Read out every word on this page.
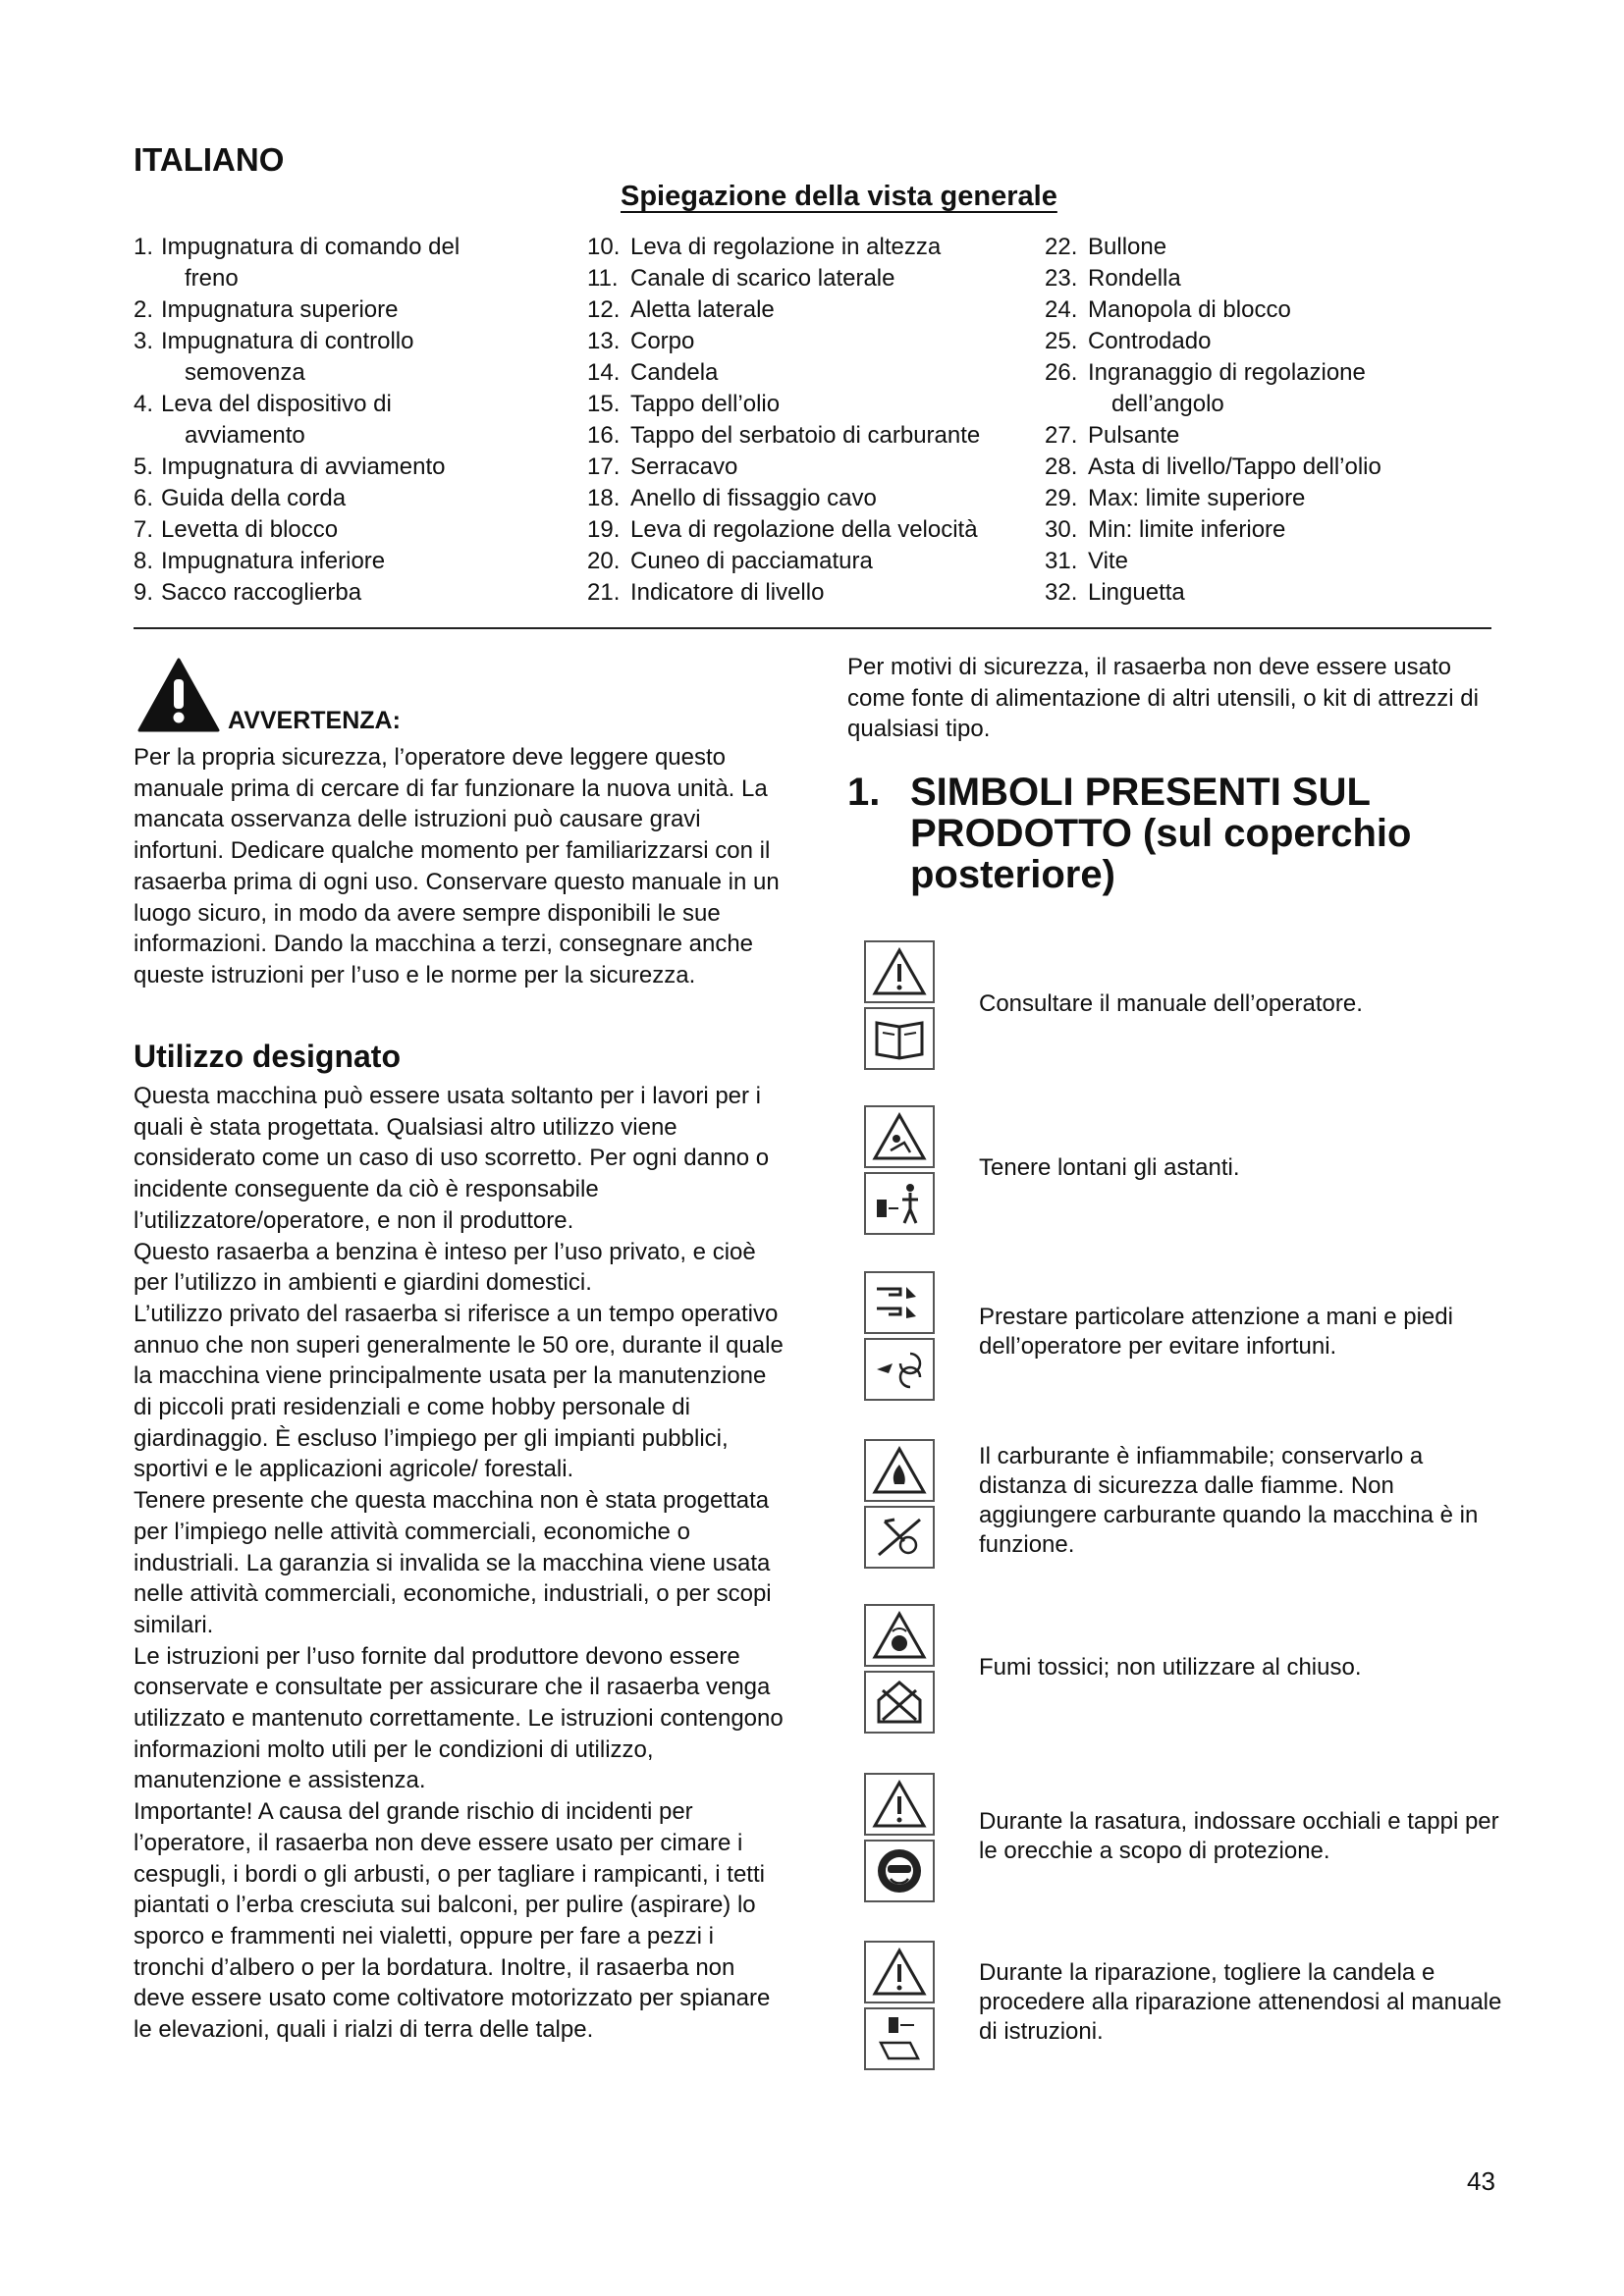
ITALIANO
Spiegazione della vista generale
1. Impugnatura di comando del
freno
2. Impugnatura superiore
3. Impugnatura di controllo
semovenza
4. Leva del dispositivo di
avviamento
5. Impugnatura di avviamento
6. Guida della corda
7. Levetta di blocco
8. Impugnatura inferiore
9. Sacco raccoglierba
10. Leva di regolazione in altezza
11. Canale di scarico laterale
12. Aletta laterale
13. Corpo
14. Candela
15. Tappo dell’olio
16. Tappo del serbatoio di carburante
17. Serracavo
18. Anello di fissaggio cavo
19. Leva di regolazione della velocità
20. Cuneo di pacciamatura
21. Indicatore di livello
22. Bullone
23. Rondella
24. Manopola di blocco
25. Controdado
26. Ingranaggio di regolazione
dell’angolo
27. Pulsante
28. Asta di livello/Tappo dell’olio
29. Max: limite superiore
30. Min: limite inferiore
31. Vite
32. Linguetta
AVVERTENZA:

Per la propria sicurezza, l’operatore deve leggere questo manuale prima di cercare di far funzionare la nuova unità. La mancata osservanza delle istruzioni può causare gravi infortuni. Dedicare qualche momento per familiarizzarsi con il rasaerba prima di ogni uso. Conservare questo manuale in un luogo sicuro, in modo da avere sempre disponibili le sue informazioni. Dando la macchina a terzi, consegnare anche queste istruzioni per l’uso e le norme per la sicurezza.

Utilizzo designato
Questa macchina può essere usata soltanto per i lavori per i quali è stata progettata. Qualsiasi altro utilizzo viene considerato come un caso di uso scorretto. Per ogni danno o incidente conseguente da ciò è responsabile l’utilizzatore/operatore, e non il produttore.
Questo rasaerba a benzina è inteso per l’uso privato, e cioè per l’utilizzo in ambienti e giardini domestici.
L’utilizzo privato del rasaerba si riferisce a un tempo operativo annuo che non superi generalmente le 50 ore, durante il quale la macchina viene principalmente usata per la manutenzione di piccoli prati residenziali e come hobby personale di giardinaggio. È escluso l’impiego per gli impianti pubblici, sportivi e le applicazioni agricole/ forestali.
Tenere presente che questa macchina non è stata progettata per l’impiego nelle attività commerciali, economiche o industriali. La garanzia si invalida se la macchina viene usata nelle attività commerciali, economiche, industriali, o per scopi similari.
Le istruzioni per l’uso fornite dal produttore devono essere conservate e consultate per assicurare che il rasaerba venga utilizzato e mantenuto correttamente. Le istruzioni contengono informazioni molto utili per le condizioni di utilizzo, manutenzione e assistenza.
Importante! A causa del grande rischio di incidenti per l’operatore, il rasaerba non deve essere usato per cimare i cespugli, i bordi o gli arbusti, o per tagliare i rampicanti, i tetti piantati o l’erba cresciuta sui balconi, per pulire (aspirare) lo sporco e frammenti nei vialetti, oppure per fare a pezzi i tronchi d’albero o per la bordatura. Inoltre, il rasaerba non deve essere usato come coltivatore motorizzato per spianare le elevazioni, quali i rialzi di terra delle talpe.

Per motivi di sicurezza, il rasaerba non deve essere usato come fonte di alimentazione di altri utensili, o kit di attrezzi di qualsiasi tipo.

1. SIMBOLI PRESENTI SUL
PRODOTTO (sul coperchio posteriore)
Consultare il manuale dell’operatore.
Tenere lontani gli astanti.
Prestare particolare attenzione a mani e piedi dell’operatore per evitare infortuni.
Il carburante è infiammabile; conservarlo a distanza di sicurezza dalle fiamme. Non aggiungere carburante quando la macchina è in funzione.
Fumi tossici; non utilizzare al chiuso.
Durante la rasatura, indossare occhiali e tappi per le orecchie a scopo di protezione.
Durante la riparazione, togliere la candela e procedere alla riparazione attenendosi al manuale di istruzioni.
43
